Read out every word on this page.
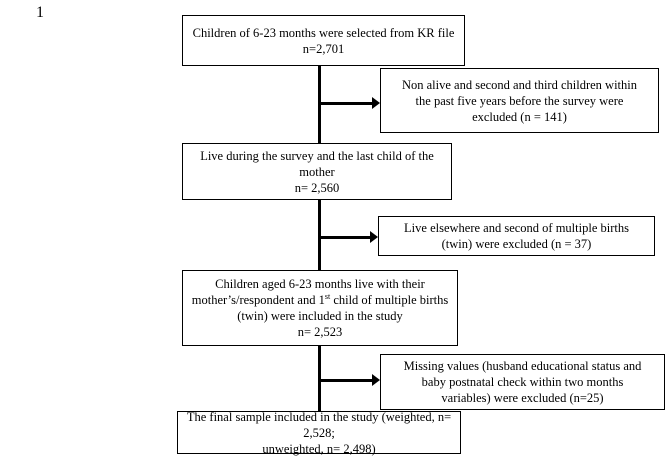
1
Children of 6-23 months were selected from KR file
n=2,701
Non alive and second and third children within
the past five years before the survey were
excluded (n = 141)
Live during the survey and the last child of the
mother
n= 2,560
Live elsewhere and second of multiple births
(twin) were excluded (n = 37)
Children aged 6-23 months live with their
mother’s/respondent and 1st child of multiple births
(twin) were included in the study
n= 2,523
Missing values (husband educational status and
baby postnatal check within two months
variables) were excluded (n=25)
The final sample included in the study (weighted, n= 2,528;
unweighted, n= 2,498)
